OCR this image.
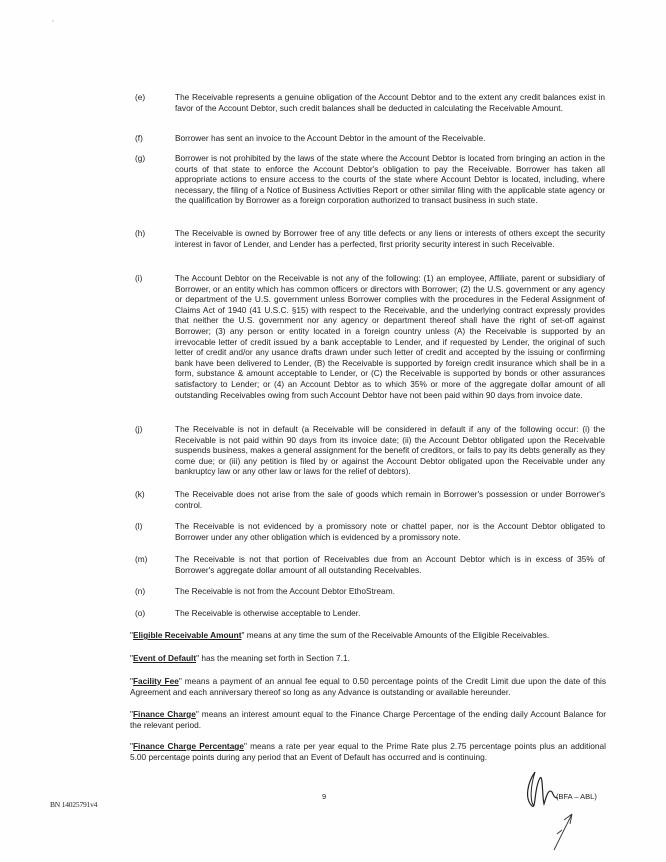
(e)	The Receivable represents a genuine obligation of the Account Debtor and to the extent any credit balances exist in favor of the Account Debtor, such credit balances shall be deducted in calculating the Receivable Amount.
(f)	Borrower has sent an invoice to the Account Debtor in the amount of the Receivable.
(g)	Borrower is not prohibited by the laws of the state where the Account Debtor is located from bringing an action in the courts of that state to enforce the Account Debtor's obligation to pay the Receivable. Borrower has taken all appropriate actions to ensure access to the courts of the state where Account Debtor is located, including, where necessary, the filing of a Notice of Business Activities Report or other similar filing with the applicable state agency or the qualification by Borrower as a foreign corporation authorized to transact business in such state.
(h)	The Receivable is owned by Borrower free of any title defects or any liens or interests of others except the security interest in favor of Lender, and Lender has a perfected, first priority security interest in such Receivable.
(i)	The Account Debtor on the Receivable is not any of the following: (1) an employee, Affiliate, parent or subsidiary of Borrower, or an entity which has common officers or directors with Borrower; (2) the U.S. government or any agency or department of the U.S. government unless Borrower complies with the procedures in the Federal Assignment of Claims Act of 1940 (41 U.S.C. §15) with respect to the Receivable, and the underlying contract expressly provides that neither the U.S. government nor any agency or department thereof shall have the right of set-off against Borrower; (3) any person or entity located in a foreign country unless (A) the Receivable is supported by an irrevocable letter of credit issued by a bank acceptable to Lender, and if requested by Lender, the original of such letter of credit and/or any usance drafts drawn under such letter of credit and accepted by the issuing or confirming bank have been delivered to Lender, (B) the Receivable is supported by foreign credit insurance which shall be in a form, substance & amount acceptable to Lender, or (C) the Receivable is supported by bonds or other assurances satisfactory to Lender; or (4) an Account Debtor as to which 35% or more of the aggregate dollar amount of all outstanding Receivables owing from such Account Debtor have not been paid within 90 days from invoice date.
(j)	The Receivable is not in default (a Receivable will be considered in default if any of the following occur: (i) the Receivable is not paid within 90 days from its invoice date; (ii) the Account Debtor obligated upon the Receivable suspends business, makes a general assignment for the benefit of creditors, or fails to pay its debts generally as they come due; or (iii) any petition is filed by or against the Account Debtor obligated upon the Receivable under any bankruptcy law or any other law or laws for the relief of debtors).
(k)	The Receivable does not arise from the sale of goods which remain in Borrower's possession or under Borrower's control.
(l)	The Receivable is not evidenced by a promissory note or chattel paper, nor is the Account Debtor obligated to Borrower under any other obligation which is evidenced by a promissory note.
(m)	The Receivable is not that portion of Receivables due from an Account Debtor which is in excess of 35% of Borrower's aggregate dollar amount of all outstanding Receivables.
(n)	The Receivable is not from the Account Debtor EthoStream.
(o)	The Receivable is otherwise acceptable to Lender.
"Eligible Receivable Amount" means at any time the sum of the Receivable Amounts of the Eligible Receivables.
"Event of Default" has the meaning set forth in Section 7.1.
"Facility Fee" means a payment of an annual fee equal to 0.50 percentage points of the Credit Limit due upon the date of this Agreement and each anniversary thereof so long as any Advance is outstanding or available hereunder.
"Finance Charge" means an interest amount equal to the Finance Charge Percentage of the ending daily Account Balance for the relevant period.
"Finance Charge Percentage" means a rate per year equal to the Prime Rate plus 2.75 percentage points plus an additional 5.00 percentage points during any period that an Event of Default has occurred and is continuing.
9
BN 14025791v4
(BFA – ABL)
